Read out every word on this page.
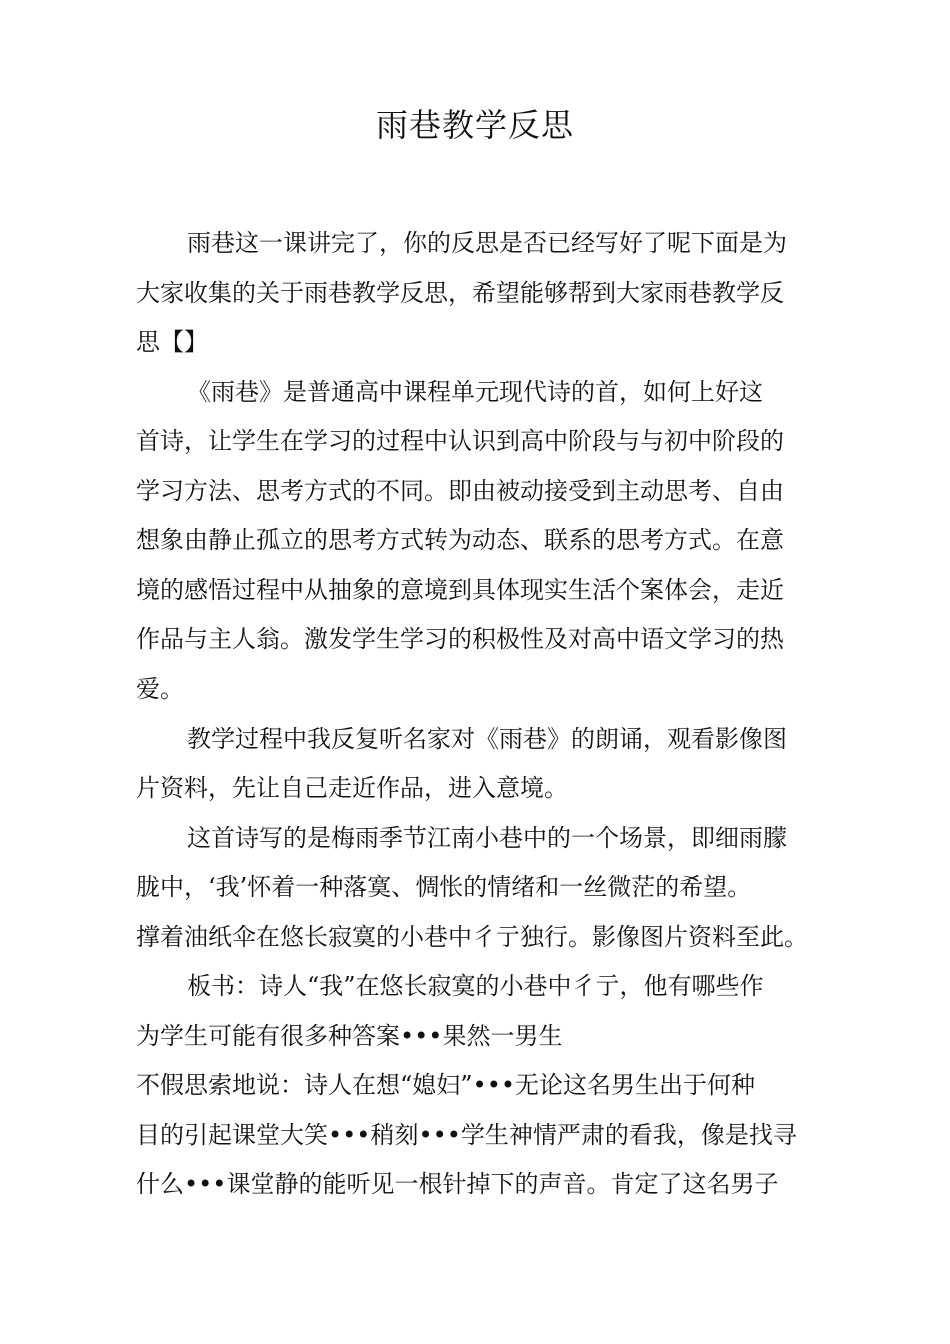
雨巷教学反思

雨巷这一课讲完了，你的反思是否已经写好了呢下面是为

大家收集的关于雨巷教学反思，希望能够帮到大家雨巷教学反

思【】

《雨巷》是普通高中课程单元现代诗的首，如何上好这

首诗，让学生在学习的过程中认识到高中阶段与与初中阶段的

学习方法、思考方式的不同。即由被动接受到主动思考、自由

想象由静止孤立的思考方式转为动态、联系的思考方式。在意

境的感悟过程中从抽象的意境到具体现实生活个案体会，走近

作品与主人翁。激发学生学习的积极性及对高中语文学习的热

爱。

教学过程中我反复听名家对《雨巷》的朗诵，观看影像图

片资料，先让自己走近作品，进入意境。

这首诗写的是梅雨季节江南小巷中的一个场景，即细雨朦

胧中，‘我’怀着一种落寞、惆怅的情绪和一丝微茫的希望。

撑着油纸伞在悠长寂寞的小巷中彳亍独行。影像图片资料至此。

板书：诗人“我”在悠长寂寞的小巷中彳亍，他有哪些作

为学生可能有很多种答案•••果然一男生

不假思索地说：诗人在想“媳妇”•••无论这名男生出于何种

目的引起课堂大笑•••稍刻•••学生神情严肃的看我，像是找寻

什么•••课堂静的能听见一根针掉下的声音。肯定了这名男子
